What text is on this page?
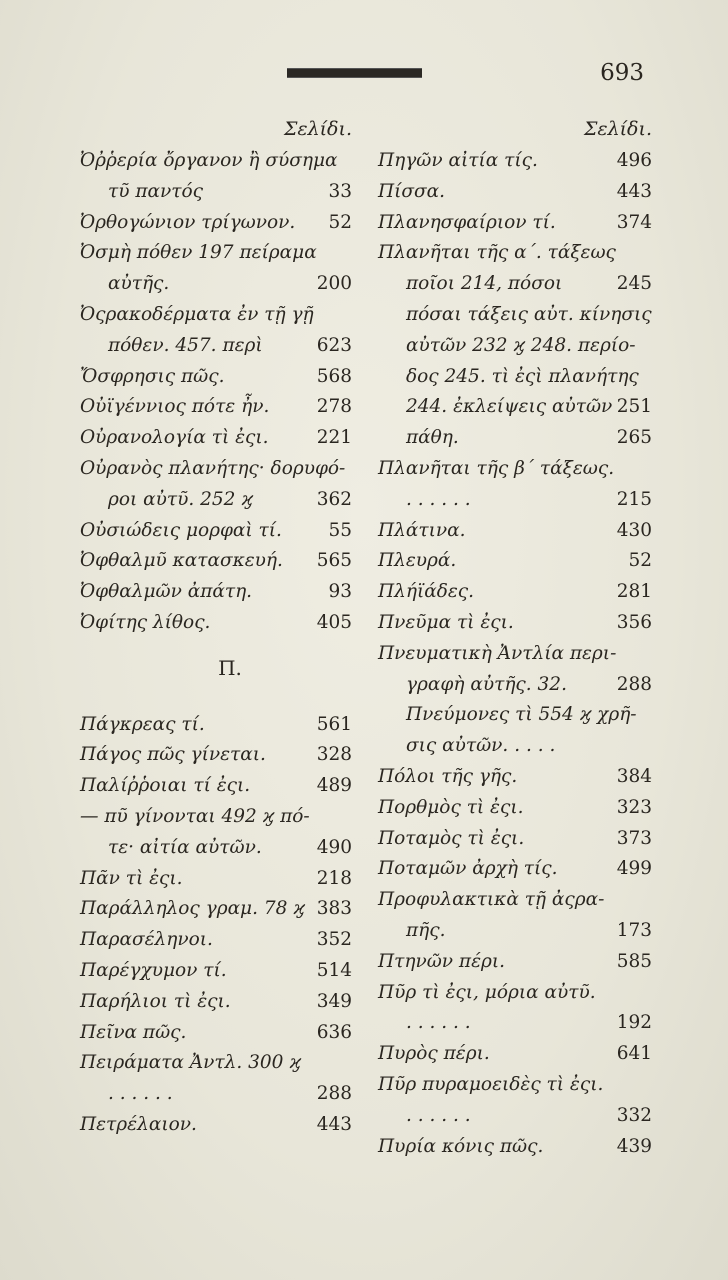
693
Σελίδι.
Ὀῤῥερία ὄργανον ἢ σύσημα
τῦ παντός	33
Ὀρθογώνιον τρίγωνον. 52
Ὀσμὴ πόθεν 197 πείραμα
αὐτῆς.	200
Ὀςρακοδέρματα ἐν τῇ γῇ
πόθεν. 457. περὶ	623
Ὄσφρησις πῶς.	568
Οὐϊγέννιος πότε ἦν.	278
Οὐρανολογία τὶ ἐςι.	221
Οὐρανὸς πλανήτης· δορυφό-
ροι αὐτῦ. 252 ϗ	362
Οὐσιώδεις μορφαὶ τί.	55
Ὀφθαλμῦ κατασκευή. 565
Ὀφθαλμῶν ἀπάτη.	93
Ὀφίτης λίθος.	405
Π.
Πάγκρεας τί.	561
Πάγος πῶς γίνεται.	328
Παλίῤῥοιαι τί ἐςι.	489
— πῦ γίνονται 492 ϗ πό-
τε· αἰτία αὐτῶν.	490
Πᾶν τὶ ἐςι.	218
Παράλληλος γραμ. 78 ϗ 383
Παρασέληνοι.	352
Παρέγχυμον τί.	514
Παρήλιοι τὶ ἐςι.	349
Πεῖνα πῶς.	636
Πειράματα Ἀντλ. 300 ϗ
. . . . . .	288
Πετρέλαιον.	443
Σελίδι.
Πηγῶν αἰτία τίς.	496
Πίσσα.	443
Πλανησφαίριον τί.	374
Πλανῆται τῆς α΄. τάξεως
ποῖοι 214, πόσοι	245
πόσαι τάξεις αὐτ. κίνησις
αὐτῶν 232 ϗ 248. περίο-
δος 245. τὶ ἐςὶ πλανήτης
244. ἐκλείψεις αὐτῶν 251
πάθη.	265
Πλανῆται τῆς β΄ τάξεως.
. . . . . .	215
Πλάτινα.	430
Πλευρά.	52
Πλήϊάδες.	281
Πνεῦμα τὶ ἐςι.	356
Πνευματικὴ Ἀντλία περι-
γραφὴ αὐτῆς. 32.	288
Πνεύμονες τὶ 554 ϗ χρῆ-
σις αὐτῶν. . . . .
Πόλοι τῆς γῆς.	384
Πορθμὸς τὶ ἐςι.	323
Ποταμὸς τὶ ἐςι.	373
Ποταμῶν ἀρχὴ τίς.	499
Προφυλακτικὰ τῇ ἀςρα-
πῆς.	173
Πτηνῶν πέρι.	585
Πῦρ τὶ ἐςι, μόρια αὐτῦ.
. . . . . .	192
Πυρὸς πέρι.	641
Πῦρ πυραμοειδὲς τὶ ἐςι.
. . . . . .	332
Πυρία κόνις πῶς.	439
